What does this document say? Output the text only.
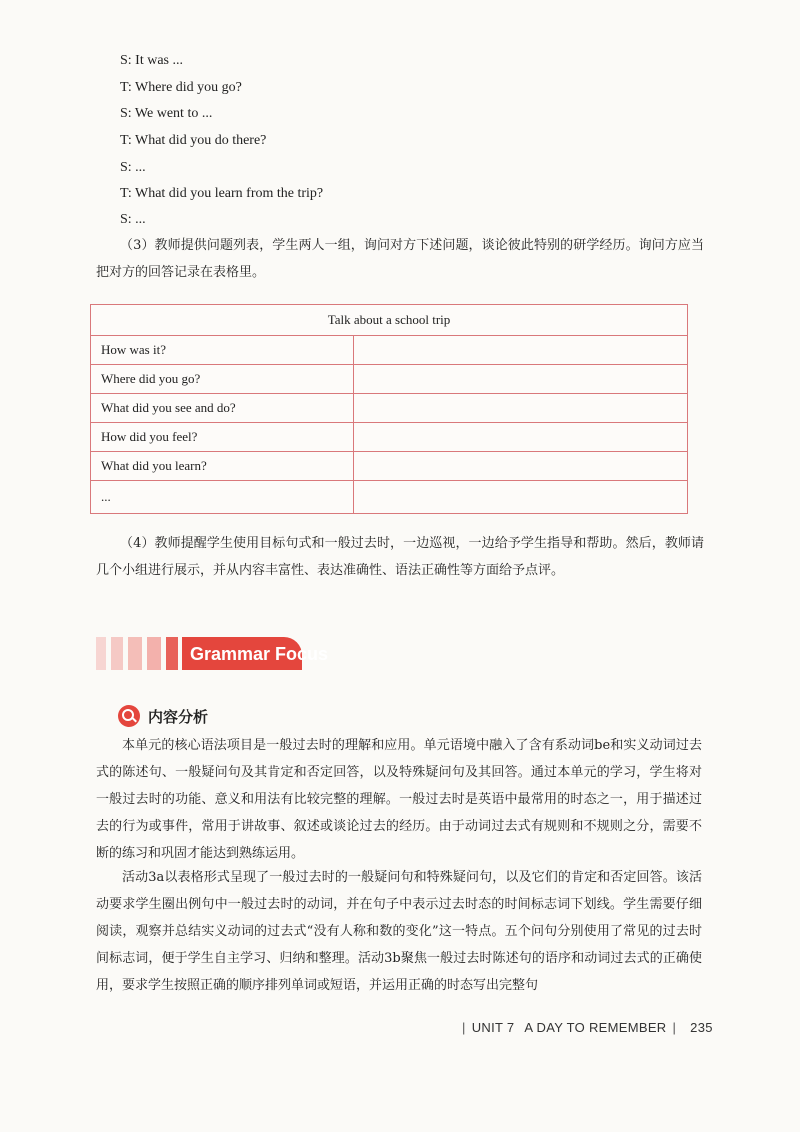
S: It was ...
T: Where did you go?
S: We went to ...
T: What did you do there?
S: ...
T: What did you learn from the trip?
S: ...
（3）教师提供问题列表，学生两人一组，询问对方下述问题，谈论彼此特别的研学经历。询问方应当把对方的回答记录在表格里。
Talk about a school trip	
How was it?	
Where did you go?	
What did you see and do?	
How did you feel?	
What did you learn?	
...	
（4）教师提醒学生使用目标句式和一般过去时，一边巡视，一边给予学生指导和帮助。然后，教师请几个小组进行展示，并从内容丰富性、表达准确性、语法正确性等方面给予点评。
Grammar Focus
内容分析
本单元的核心语法项目是一般过去时的理解和应用。单元语境中融入了含有系动词be和实义动词过去式的陈述句、一般疑问句及其肯定和否定回答，以及特殊疑问句及其回答。通过本单元的学习，学生将对一般过去时的功能、意义和用法有比较完整的理解。一般过去时是英语中最常用的时态之一，用于描述过去的行为或事件，常用于讲故事、叙述或谈论过去的经历。由于动词过去式有规则和不规则之分，需要不断的练习和巩固才能达到熟练运用。
活动3a以表格形式呈现了一般过去时的一般疑问句和特殊疑问句，以及它们的肯定和否定回答。该活动要求学生圈出例句中一般过去时的动词，并在句子中表示过去时态的时间标志词下划线。学生需要仔细阅读，观察并总结实义动词的过去式“没有人称和数的变化”这一特点。五个问句分别使用了常见的过去时间标志词，便于学生自主学习、归纳和整理。活动3b聚焦一般过去时陈述句的语序和动词过去式的正确使用，要求学生按照正确的顺序排列单词或短语，并运用正确的时态写出完整句
| UNIT 7 A DAY TO REMEMBER | 235
